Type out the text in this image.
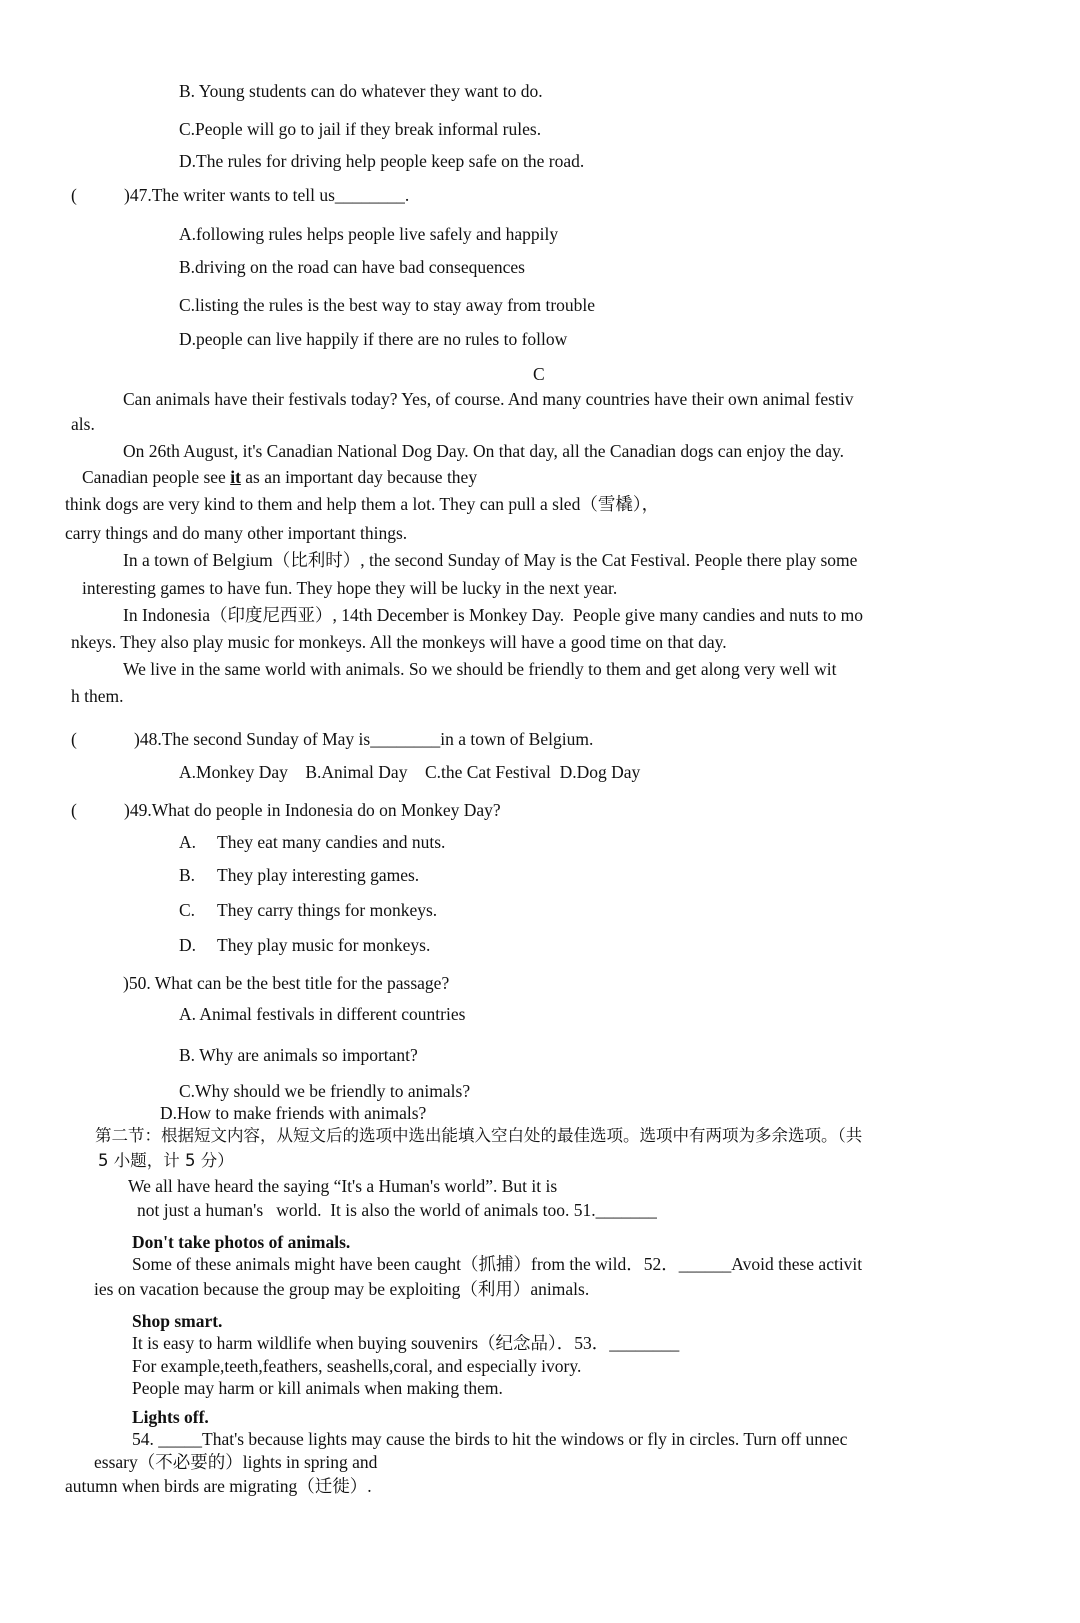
B. Young students can do whatever they want to do.
C.People will go to jail if they break informal rules.
D.The rules for driving help people keep safe on the road.
(	)47.The writer wants to tell us________.
A.following rules helps people live safely and happily
B.driving on the road can have bad consequences
C.listing the rules is the best way to stay away from trouble
D.people can live happily if there are no rules to follow
C
Can animals have their festivals today? Yes, of course. And many countries have their own animal festiv
als.
On 26th August, it's Canadian National Dog Day. On that day, all the Canadian dogs can enjoy the day.
Canadian people see it as an important day because they
think dogs are very kind to them and help them a lot. They can pull a sled（雪橇），
carry things and do many other important things.
In a town of Belgium（比利时）, the second Sunday of May is the Cat Festival. People there play some
interesting games to have fun. They hope they will be lucky in the next year.
In Indonesia（印度尼西亚）, 14th December is Monkey Day.  People give many candies and nuts to mo
nkeys. They also play music for monkeys. All the monkeys will have a good time on that day.
We live in the same world with animals. So we should be friendly to them and get along very well wit
h them.
(	)48.The second Sunday of May is________in a town of Belgium.
A.Monkey Day    B.Animal Day    C.the Cat Festival  D.Dog Day
(	)49.What do people in Indonesia do on Monkey Day?
A. They eat many candies and nuts.
B. They play interesting games.
C. They carry things for monkeys.
D. They play music for monkeys.
)50. What can be the best title for the passage?
A. Animal festivals in different countries
B. Why are animals so important?
C.Why should we be friendly to animals?
D.How to make friends with animals?
第二节：根据短文内容，从短文后的选项中选出能填入空白处的最佳选项。选项中有两项为多余选项。（共
5 小题，计 5 分）
We all have heard the saying “It's a Human's world”. But it is
not just a human's   world.  It is also the world of animals too. 51._______
Don't take photos of animals.
Some of these animals might have been caught（抓捕）from the wild．52．______Avoid these activit
ies on vacation because the group may be exploiting（利用）animals.
Shop smart.
It is easy to harm wildlife when buying souvenirs（纪念品）．53．________
For example,teeth,feathers, seashells,coral, and especially ivory.
People may harm or kill animals when making them.
Lights off.
54. _____That's because lights may cause the birds to hit the windows or fly in circles. Turn off unnec
essary（不必要的）lights in spring and
autumn when birds are migrating（迁徙）.
